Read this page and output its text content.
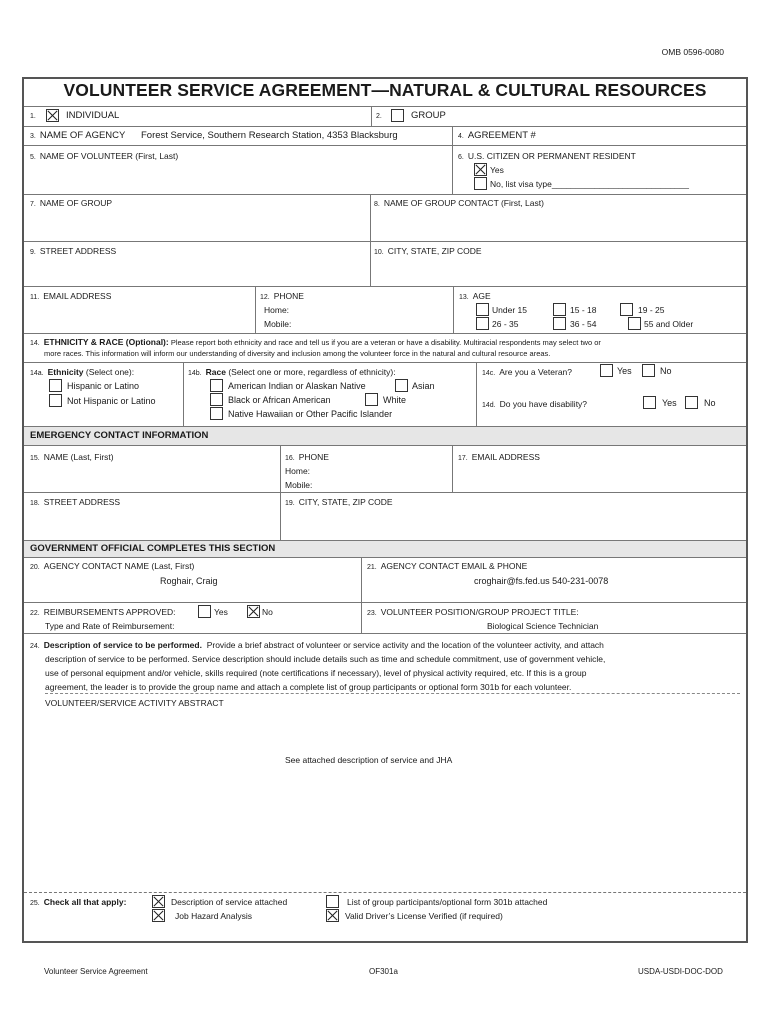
OMB 0596-0080
VOLUNTEER SERVICE AGREEMENT—NATURAL & CULTURAL RESOURCES
1.	INDIVIDUAL	2.	GROUP
3. NAME OF AGENCY Forest Service, Southern Research Station, 4353 Blacksburg	4. AGREEMENT #
5. NAME OF VOLUNTEER (First, Last)	6. U.S. CITIZEN OR PERMANENT RESIDENT
Yes
No, list visa type_____________________________
7. NAME OF GROUP	8. NAME OF GROUP CONTACT (First, Last)
9. STREET ADDRESS	10. CITY, STATE, ZIP CODE
11. EMAIL ADDRESS	12. PHONE
Home:
Mobile:
13. AGE
Under 15	15 - 18	19 - 25
26 - 35	36 - 54	55 and Older
14. ETHNICITY & RACE (Optional): Please report both ethnicity and race and tell us if you are a veteran or have a disability. Multiracial respondents may select two or
more races. This information will inform our understanding of diversity and inclusion among the volunteer force in the natural and cultural resource areas.
14a. Ethnicity (Select one):
Hispanic or Latino
Not Hispanic or Latino
14b. Race (Select one or more, regardless of ethnicity):
American Indian or Alaskan Native	Asian
Black or African American	White
Native Hawaiian or Other Pacific Islander
14c. Are you a Veteran?	Yes	No
14d. Do you have disability?	Yes	No
EMERGENCY CONTACT INFORMATION
15. NAME (Last, First)	16. PHONE
Home:
Mobile:
17. EMAIL ADDRESS
18. STREET ADDRESS	19. CITY, STATE, ZIP CODE
GOVERNMENT OFFICIAL COMPLETES THIS SECTION
20. AGENCY CONTACT NAME (Last, First)
Roghair, Craig
21. AGENCY CONTACT EMAIL & PHONE
croghair@fs.fed.us 540-231-0078
22. REIMBURSEMENTS APPROVED:	Yes	No
Type and Rate of Reimbursement:
23. VOLUNTEER POSITION/GROUP PROJECT TITLE:
Biological Science Technician
24. Description of service to be performed. Provide a brief abstract of volunteer or service activity and the location of the volunteer activity, and attach
description of service to be performed. Service description should include details such as time and schedule commitment, use of government vehicle,
use of personal equipment and/or vehicle, skills required (note certifications if necessary), level of physical activity required, etc. If this is a group
agreement, the leader is to provide the group name and attach a complete list of group participants or optional form 301b for each volunteer.
VOLUNTEER/SERVICE ACTIVITY ABSTRACT
See attached description of service and JHA
25. Check all that apply:	Description of service attached	List of group participants/optional form 301b attached
Job Hazard Analysis	Valid Driver’s License Verified (if required)
Volunteer Service Agreement	OF301a	USDA-USDI-DOC-DOD
